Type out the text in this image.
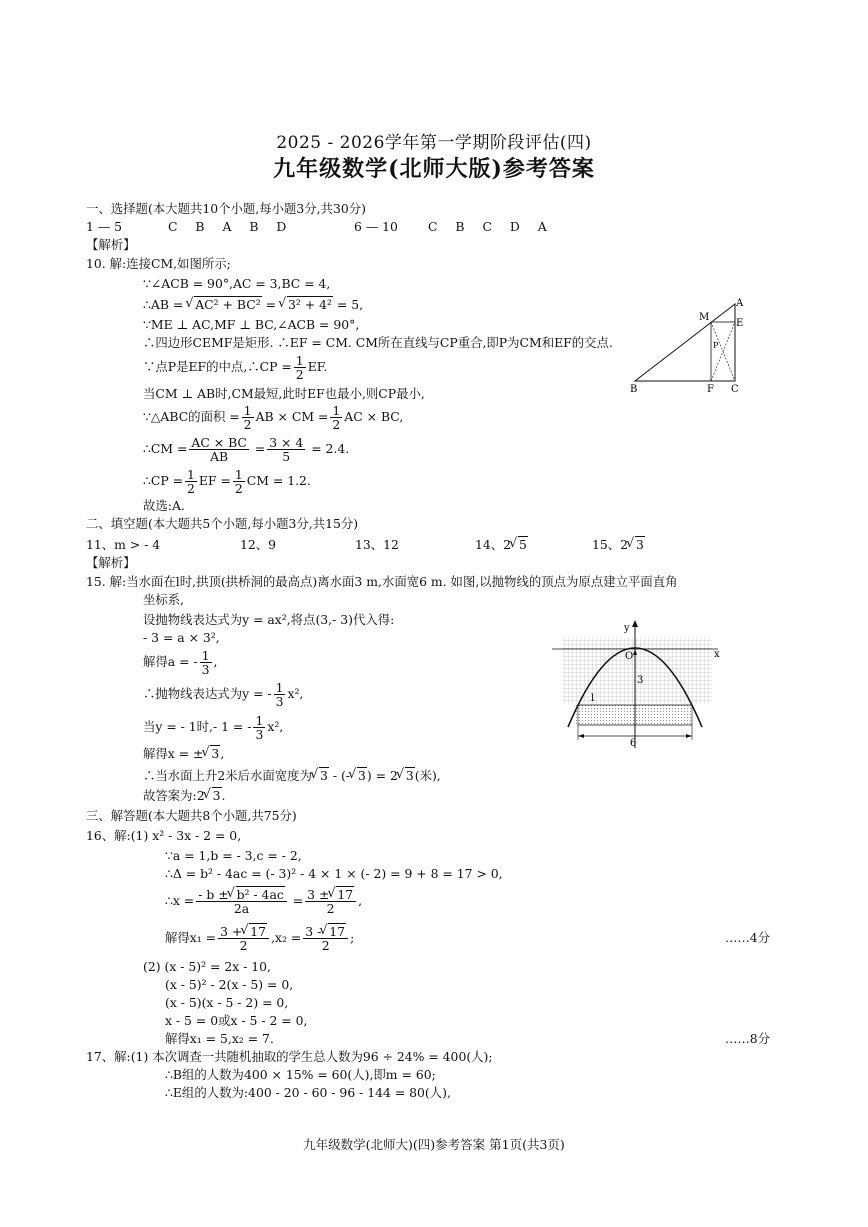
2025 - 2026学年第一学期阶段评估(四)
九年级数学(北师大版)参考答案
一、选择题(本大题共10个小题,每小题3分,共30分)
1 — 5	C B A B D	6 — 10 C B C D A
【解析】
10. 解:连接CM,如图所示;
∵∠ACB = 90°,AC = 3,BC = 4,
∴AB = √ AC² + BC² = √ 3² + 4² = 5,
∵ME ⊥ AC,MF ⊥ BC,∠ACB = 90°,
∴四边形CEMF是矩形. ∴EF = CM. CM所在直线与CP重合,即P为CM和EF的交点.
∵点P是EF的中点,∴CP = $\frac{1}{2}$ EF.
当CM ⊥ AB时,CM最短,此时EF也最小,则CP最小,
∵△ABC的面积 = $\frac{1}{2}$ AB × CM = $\frac{1}{2}$ AC × BC,
∴CM = $\frac{AC \times BC}{AB} = \frac{3 \times 4}{5} = 2.4$.
∴CP = $\frac{1}{2}$ EF = $\frac{1}{2}$ CM = 1.2.
故选:A.
A
M
E
P
B	F C
二、填空题(本大题共5个小题,每小题3分,共15分)
11、m > - 4	12、9	13、12	14、2 √ 5	15、2 √ 3
【解析】
15. 解:当水面在l时,拱顶(拱桥洞的最高点)离水面3 m,水面宽6 m. 如图,以抛物线的顶点为原点建立平面直角
坐标系,
设抛物线表达式为y = ax²,将点(3,- 3)代入得:
- 3 = a × 3²,
解得a = - $\frac{1}{3}$ ,
∴抛物线表达式为y = - $\frac{1}{3} x^2$,
当y = - 1时,- 1 = - $\frac{1}{3} x^2$,
解得x = ± √ 3,
∴当水面上升2米后水面宽度为 √ 3 - (- √ 3) = 2 √ 3(米),
故答案为:2 √ 3.
y
x
O
3
l
6
三、解答题(本大题共8个小题,共75分)
16、解:(1) x² - 3x - 2 = 0,
∵a = 1,b = - 3,c = - 2,
∴Δ = b² - 4ac = (- 3)² - 4 × 1 × (- 2) = 9 + 8 = 17 > 0,
∴x = $\frac{\text{- b ± √ b² - 4ac}}{2a} = \frac{3 \pm √ 17}{2}$ ,
解得$x_1 = \frac{3 + √ 17}{2} ,x_2 = \frac{3 - √ 17}{2}$ ;	……4分
(2) (x - 5)² = 2x - 10,
(x - 5)² - 2(x - 5) = 0,
(x - 5)(x - 5 - 2) = 0,
x - 5 = 0或x - 5 - 2 = 0,
解得x₁ = 5,x₂ = 7.	……8分
17、解:(1) 本次调查一共随机抽取的学生总人数为96 ÷ 24% = 400(人);
∴B组的人数为400 × 15% = 60(人),即m = 60;
∴E组的人数为:400 - 20 - 60 - 96 - 144 = 80(人),
九年级数学(北师大)(四)参考答案 第1页(共3页)
